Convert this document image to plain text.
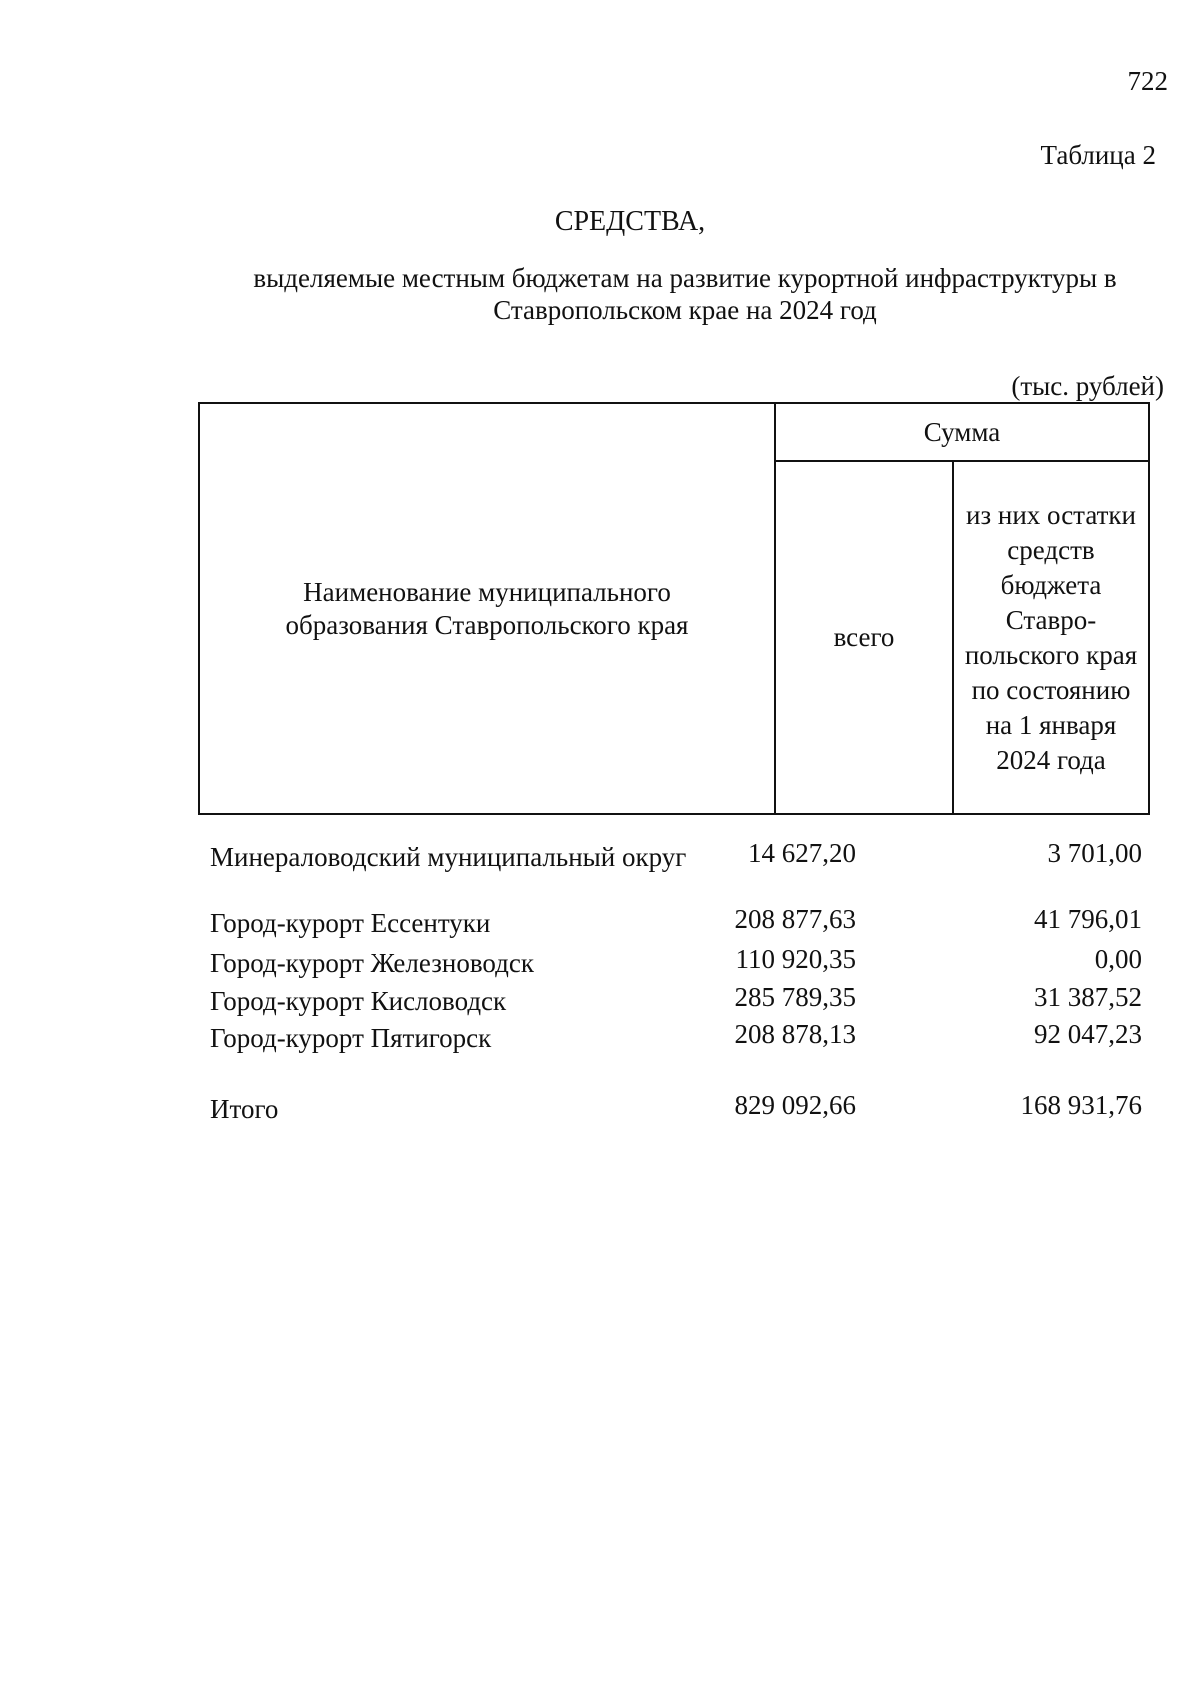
722
Таблица 2
СРЕДСТВА,
выделяемые местным бюджетам на развитие курортной инфраструктуры в Ставропольском крае на 2024 год
(тыс. рублей)
Наименование муниципального образования Ставропольского края
Сумма
всего
из них остатки средств бюджета Ставро-польского края по состоянию на 1 января 2024 года
Минераловодский муниципальный округ 14 627,20	3 701,00
Город-курорт Ессентуки	208 877,63	41 796,01
Город-курорт Железноводск	110 920,35	0,00
Город-курорт Кисловодск	285 789,35	31 387,52
Город-курорт Пятигорск	208 878,13	92 047,23
Итого	829 092,66	168 931,76
